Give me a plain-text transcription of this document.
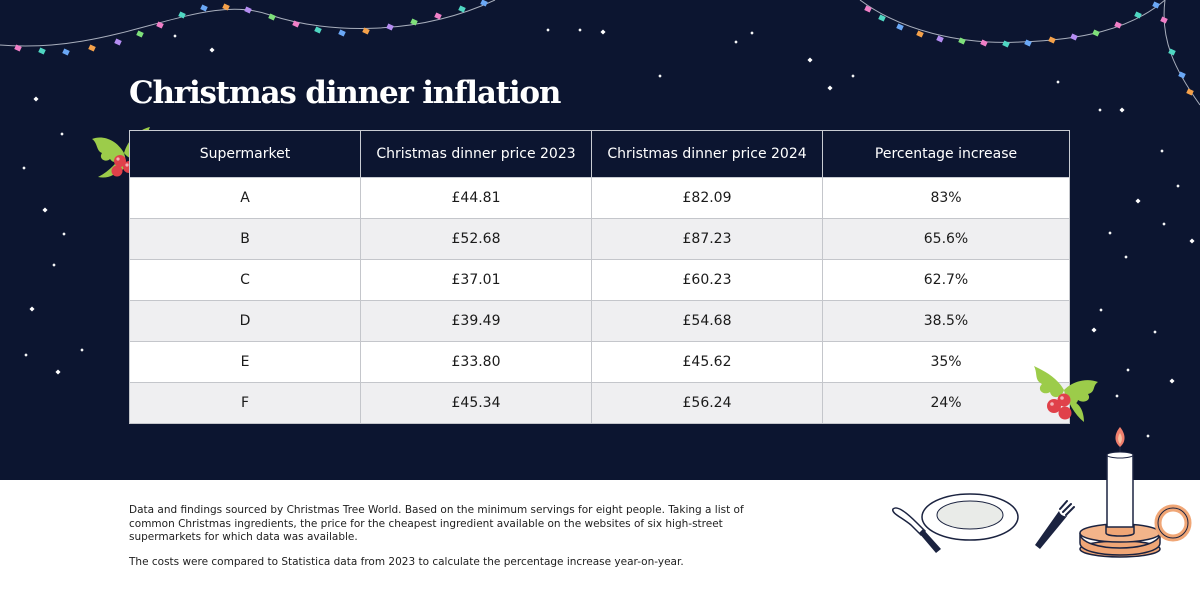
Christmas dinner inflation
Supermarket	Christmas dinner price 2023	Christmas dinner price 2024	Percentage increase
A	£44.81	£82.09	83%
B	£52.68	£87.23	65.6%
C	£37.01	£60.23	62.7%
D	£39.49	£54.68	38.5%
E	£33.80	£45.62	35%
F	£45.34	£56.24	24%

Data and findings sourced by Christmas Tree World. Based on the minimum servings for eight people. Taking a list of common Christmas ingredients, the price for the cheapest ingredient available on the websites of six high-street supermarkets for which data was available.

The costs were compared to Statistica data from 2023 to calculate the percentage increase year-on-year.
